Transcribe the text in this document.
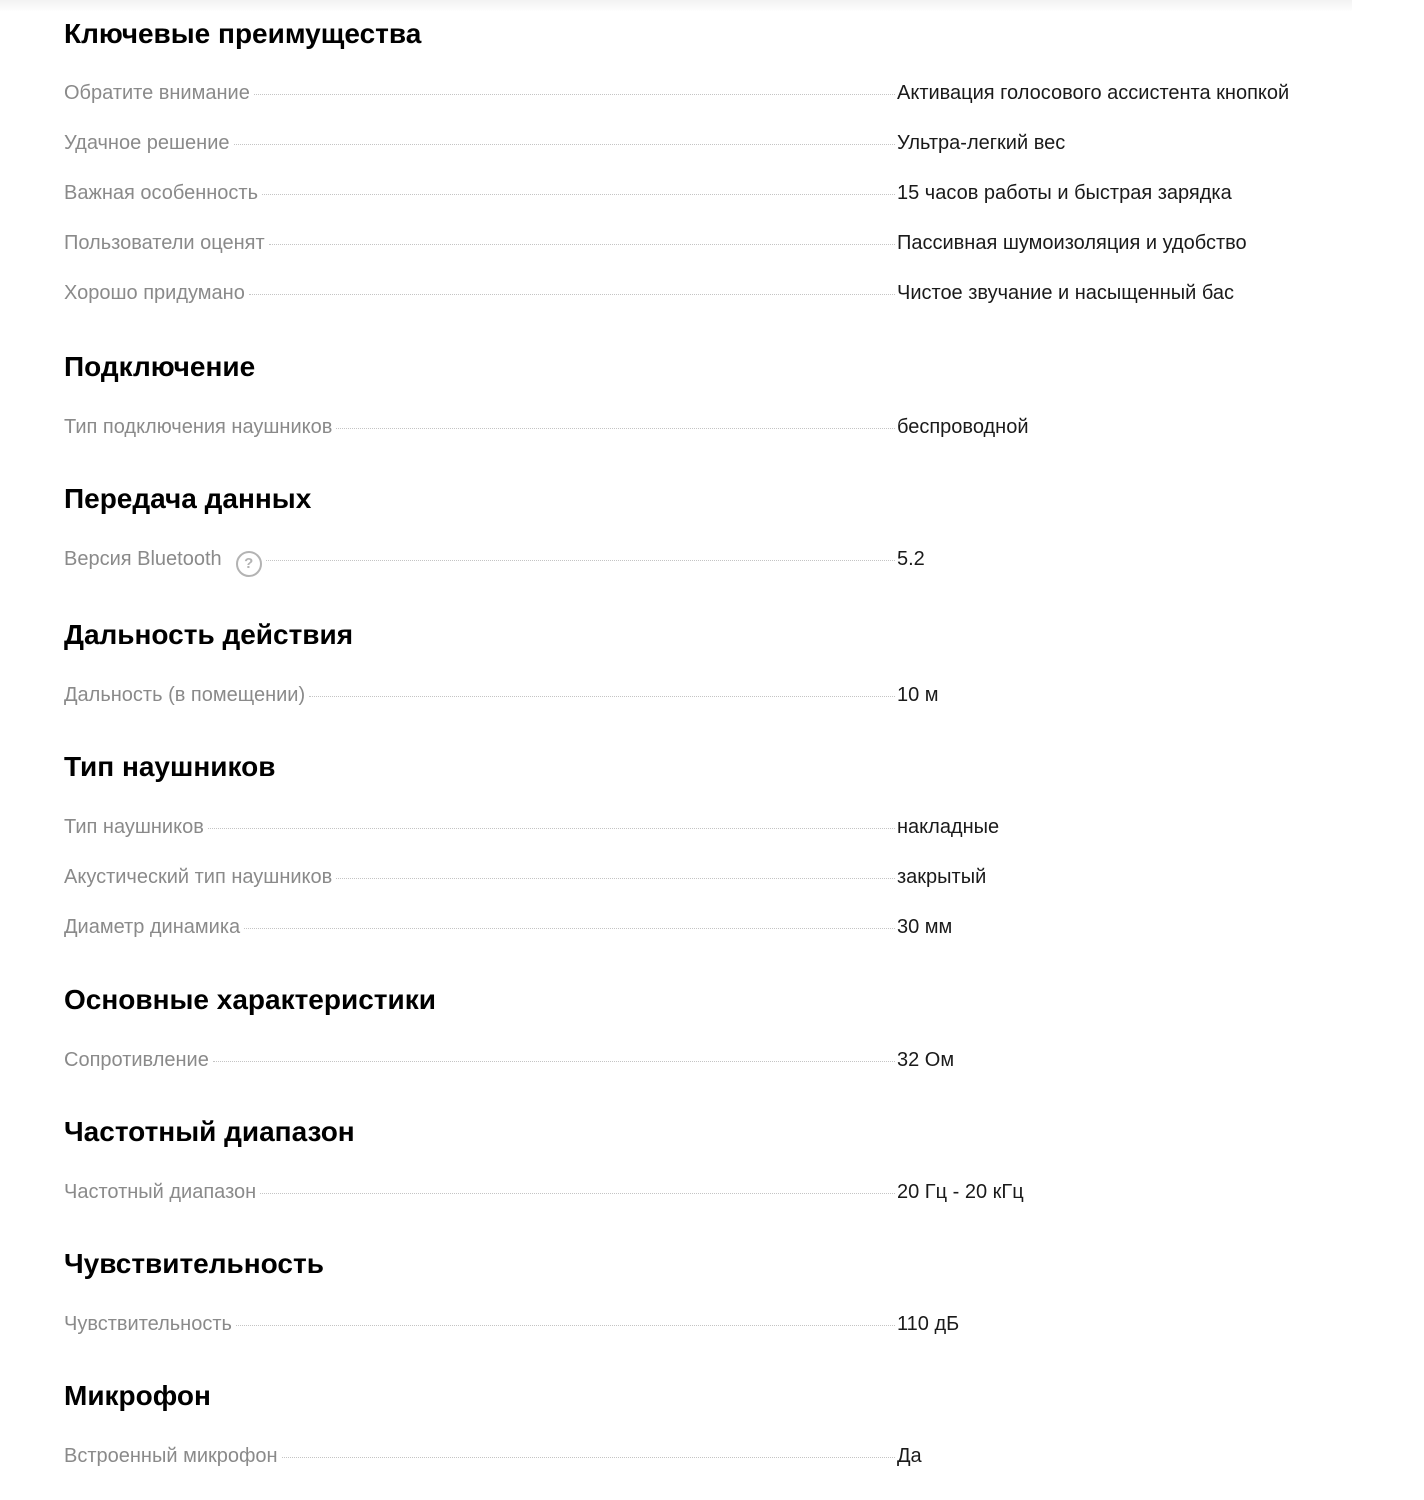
Ключевые преимущества
Обратите внимание	Активация голосового ассистента кнопкой
Удачное решение	Ультра-легкий вес
Важная особенность	15 часов работы и быстрая зарядка
Пользователи оценят	Пассивная шумоизоляция и удобство
Хорошо придумано	Чистое звучание и насыщенный бас
Подключение
Тип подключения наушников	беспроводной
Передача данных
Версия Bluetooth	?	5.2
Дальность действия
Дальность (в помещении)	10 м
Тип наушников
Тип наушников	накладные
Акустический тип наушников	закрытый
Диаметр динамика	30 мм
Основные характеристики
Сопротивление	32 Ом
Частотный диапазон
Частотный диапазон	20 Гц - 20 кГц
Чувствительность
Чувствительность	110 дБ
Микрофон
Встроенный микрофон	Да
